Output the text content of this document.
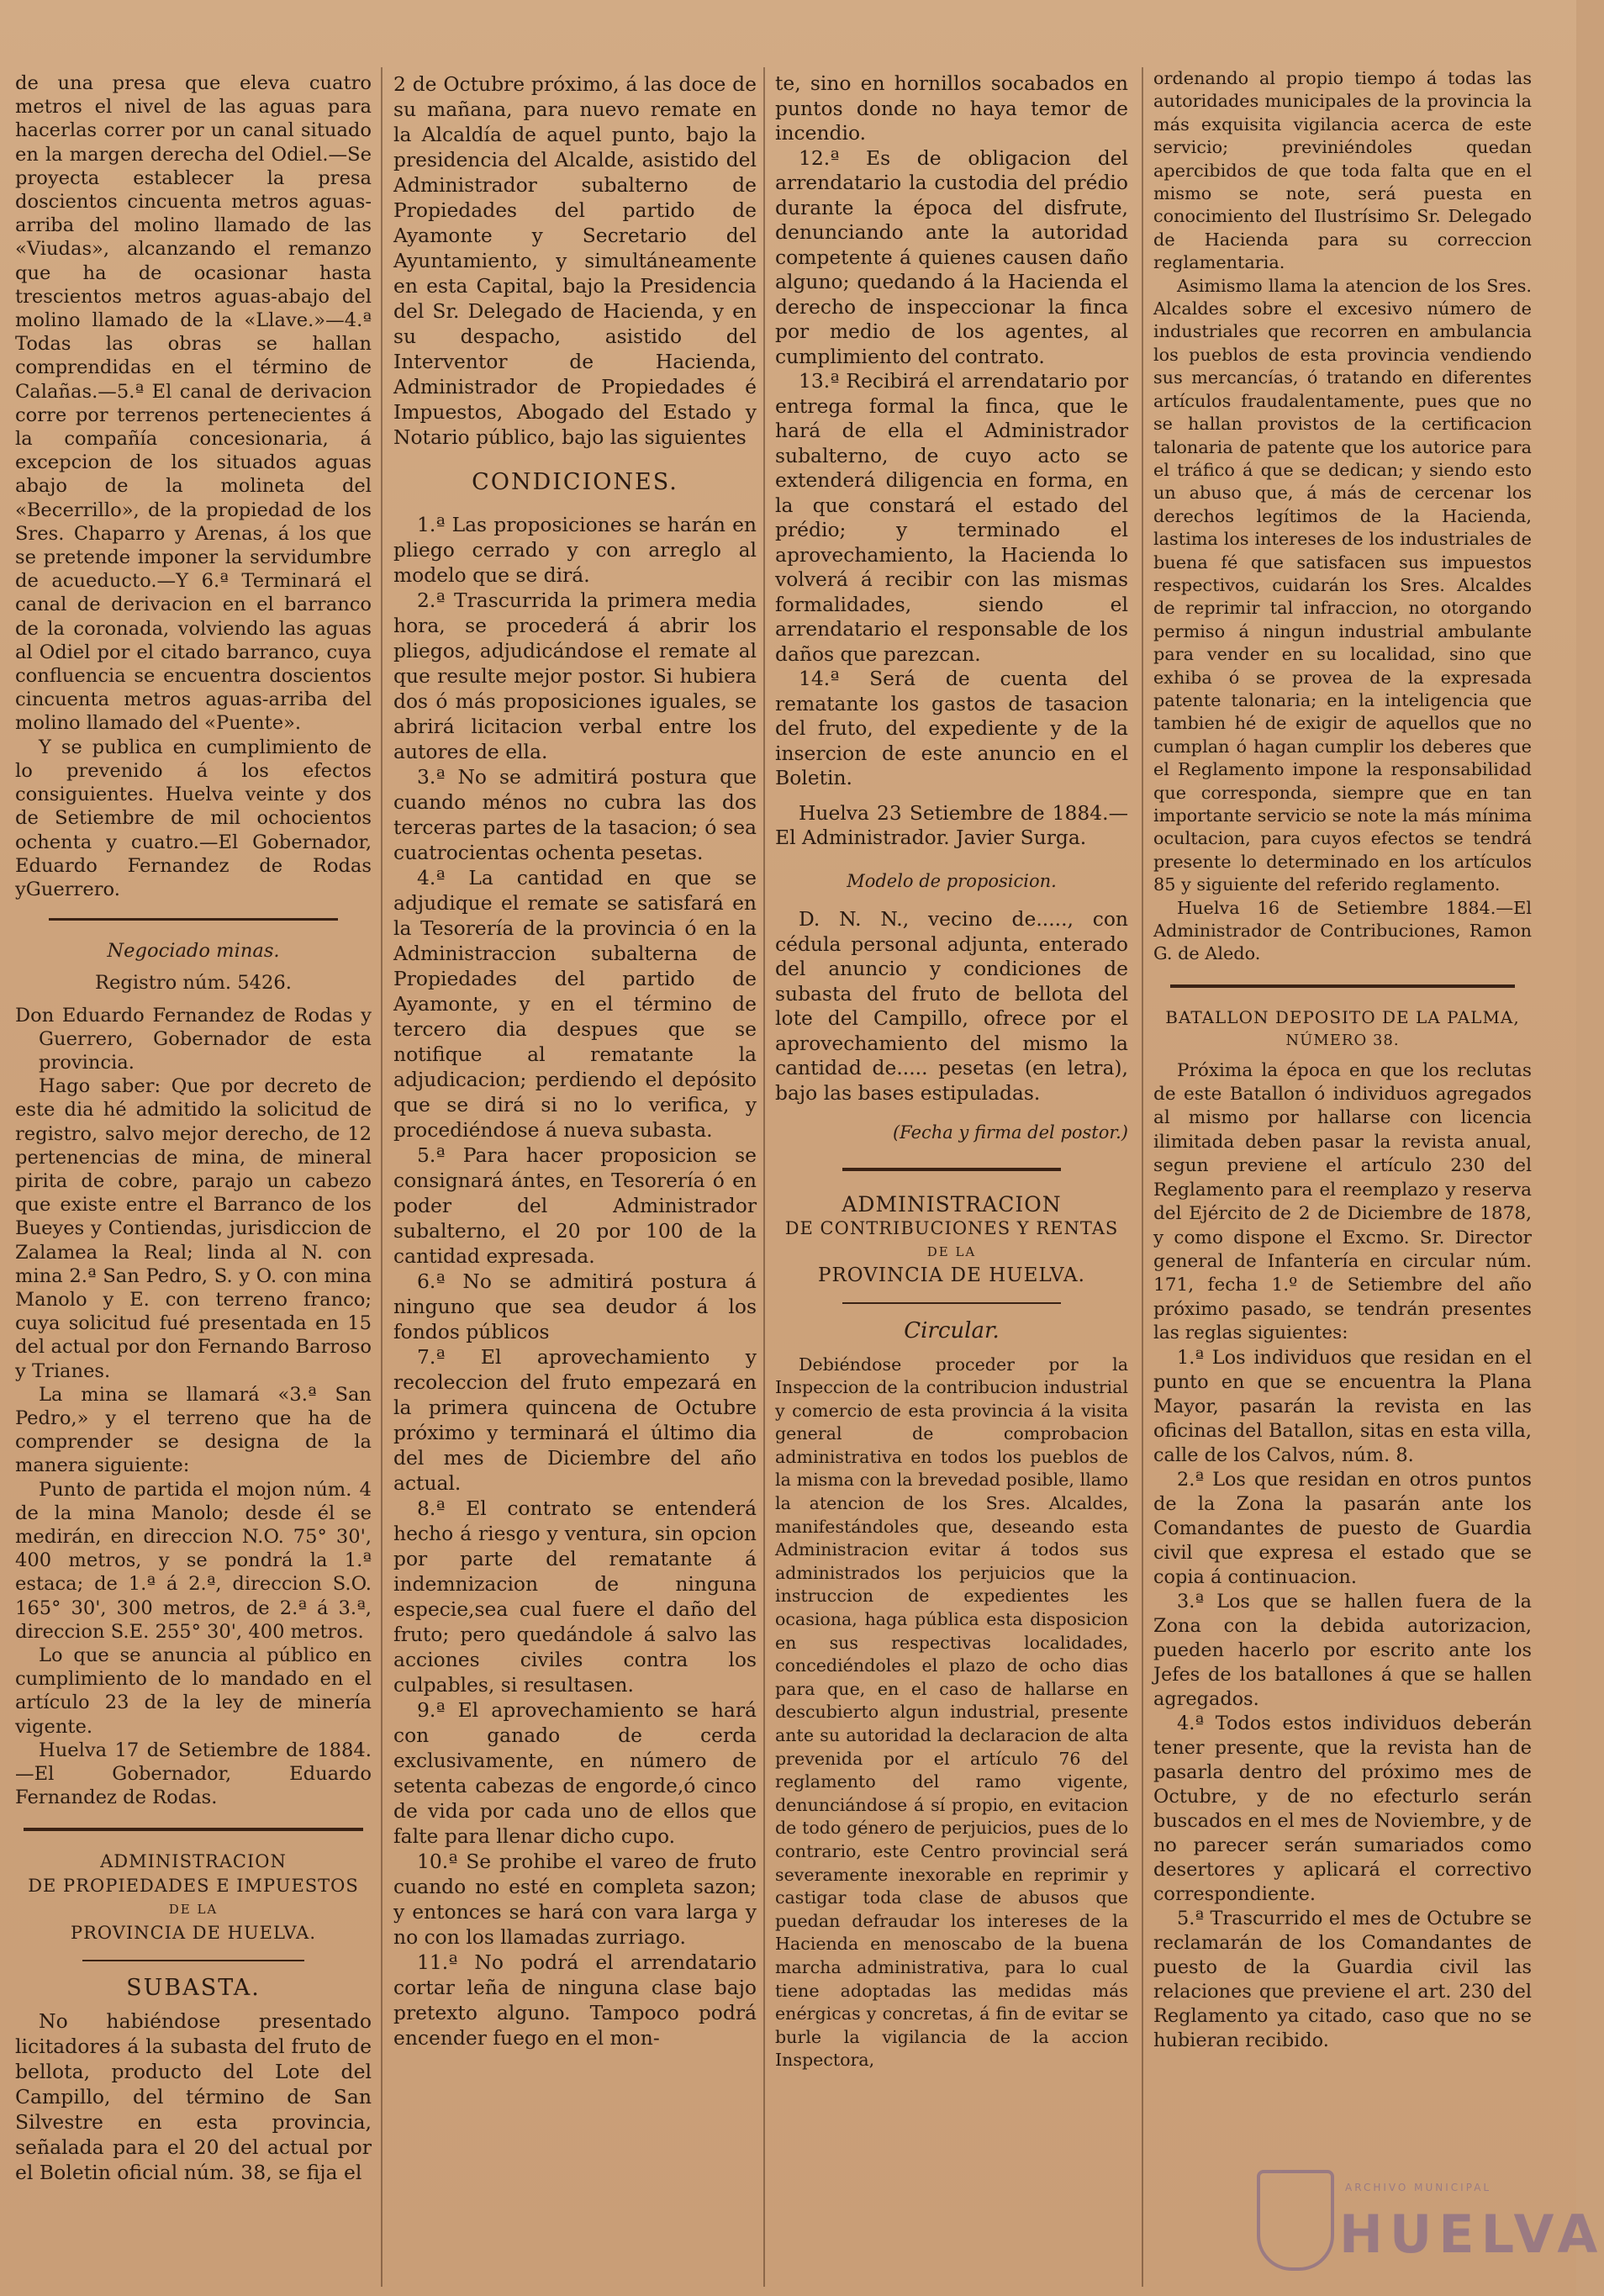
de una presa que eleva cuatro metros el nivel de las aguas para hacerlas correr por un canal situado en la margen derecha del Odiel.—Se proyecta establecer la presa doscientos cincuenta metros aguas-arriba del molino llamado de las «Viudas», alcanzando el remanzo que ha de ocasionar hasta trescientos metros aguas-abajo del molino llamado de la «Llave.»—4.ª Todas las obras se hallan comprendidas en el término de Calañas.—5.ª El canal de derivacion corre por terrenos pertenecientes á la compañía concesionaria, á excepcion de los situados aguas abajo de la molineta del «Becerrillo», de la propiedad de los Sres. Chaparro y Arenas, á los que se pretende imponer la servidumbre de acueducto.—Y 6.ª Terminará el canal de derivacion en el barranco de la coronada, volviendo las aguas al Odiel por el citado barranco, cuya confluencia se encuentra doscientos cincuenta metros aguas-arriba del molino llamado del «Puente».

Y se publica en cumplimiento de lo prevenido á los efectos consiguientes. Huelva veinte y dos de Setiembre de mil ochocientos ochenta y cuatro.—El Gobernador, Eduardo Fernandez de Rodas yGuerrero.

Negociado minas.

Registro núm. 5426.

Don Eduardo Fernandez de Rodas y Guerrero, Gobernador de esta provincia.

Hago saber: Que por decreto de este dia hé admitido la solicitud de registro, salvo mejor derecho, de 12 pertenencias de mina, de mineral pirita de cobre, parajo un cabezo que existe entre el Barranco de los Bueyes y Contiendas, jurisdiccion de Zalamea la Real; linda al N. con mina 2.ª San Pedro, S. y O. con mina Manolo y E. con terreno franco; cuya solicitud fué presentada en 15 del actual por don Fernando Barroso y Trianes.

La mina se llamará «3.ª San Pedro,» y el terreno que ha de comprender se designa de la manera siguiente:

Punto de partida el mojon núm. 4 de la mina Manolo; desde él se medirán, en direccion N.O. 75° 30', 400 metros, y se pondrá la 1.ª estaca; de 1.ª á 2.ª, direccion S.O. 165° 30', 300 metros, de 2.ª á 3.ª, direccion S.E. 255° 30', 400 metros.

Lo que se anuncia al público en cumplimiento de lo mandado en el artículo 23 de la ley de minería vigente.

Huelva 17 de Setiembre de 1884.—El Gobernador, Eduardo Fernandez de Rodas.

ADMINISTRACION

DE PROPIEDADES E IMPUESTOS

DE LA

PROVINCIA DE HUELVA.

SUBASTA.

No habiéndose presentado licitadores á la subasta del fruto de bellota, producto del Lote del Campillo, del término de San Silvestre en esta provincia, señalada para el 20 del actual por el Boletin oficial núm. 38, se fija el

2 de Octubre próximo, á las doce de su mañana, para nuevo remate en la Alcaldía de aquel punto, bajo la presidencia del Alcalde, asistido del Administrador subalterno de Propiedades del partido de Ayamonte y Secretario del Ayuntamiento, y simultáneamente en esta Capital, bajo la Presidencia del Sr. Delegado de Hacienda, y en su despacho, asistido del Interventor de Hacienda, Administrador de Propiedades é Impuestos, Abogado del Estado y Notario público, bajo las siguientes

CONDICIONES.

1.ª Las proposiciones se harán en pliego cerrado y con arreglo al modelo que se dirá.

2.ª Trascurrida la primera media hora, se procederá á abrir los pliegos, adjudicándose el remate al que resulte mejor postor. Si hubiera dos ó más proposiciones iguales, se abrirá licitacion verbal entre los autores de ella.

3.ª No se admitirá postura que cuando ménos no cubra las dos terceras partes de la tasacion; ó sea cuatrocientas ochenta pesetas.

4.ª La cantidad en que se adjudique el remate se satisfará en la Tesorería de la provincia ó en la Administraccion subalterna de Propiedades del partido de Ayamonte, y en el término de tercero dia despues que se notifique al rematante la adjudicacion; perdiendo el depósito que se dirá si no lo verifica, y procediéndose á nueva subasta.

5.ª Para hacer proposicion se consignará ántes, en Tesorería ó en poder del Administrador subalterno, el 20 por 100 de la cantidad expresada.

6.ª No se admitirá postura á ninguno que sea deudor á los fondos públicos

7.ª El aprovechamiento y recoleccion del fruto empezará en la primera quincena de Octubre próximo y terminará el último dia del mes de Diciembre del año actual.

8.ª El contrato se entenderá hecho á riesgo y ventura, sin opcion por parte del rematante á indemnizacion de ninguna especie,sea cual fuere el daño del fruto; pero quedándole á salvo las acciones civiles contra los culpables, si resultasen.

9.ª El aprovechamiento se hará con ganado de cerda exclusivamente, en número de setenta cabezas de engorde,ó cinco de vida por cada uno de ellos que falte para llenar dicho cupo.

10.ª Se prohibe el vareo de fruto cuando no esté en completa sazon; y entonces se hará con vara larga y no con los llamadas zurriago.

11.ª No podrá el arrendatario cortar leña de ninguna clase bajo pretexto alguno. Tampoco podrá encender fuego en el mon-

te, sino en hornillos socabados en puntos donde no haya temor de incendio.

12.ª Es de obligacion del arrendatario la custodia del prédio durante la época del disfrute, denunciando ante la autoridad competente á quienes causen daño alguno; quedando á la Hacienda el derecho de inspeccionar la finca por medio de los agentes, al cumplimiento del contrato.

13.ª Recibirá el arrendatario por entrega formal la finca, que le hará de ella el Administrador subalterno, de cuyo acto se extenderá diligencia en forma, en la que constará el estado del prédio; y terminado el aprovechamiento, la Hacienda lo volverá á recibir con las mismas formalidades, siendo el arrendatario el responsable de los daños que parezcan.

14.ª Será de cuenta del rematante los gastos de tasacion del fruto, del expediente y de la insercion de este anuncio en el Boletin.

Huelva 23 Setiembre de 1884.—El Administrador. Javier Surga.

Modelo de proposicion.

D. N. N., vecino de....., con cédula personal adjunta, enterado del anuncio y condiciones de subasta del fruto de bellota del lote del Campillo, ofrece por el aprovechamiento del mismo la cantidad de..... pesetas (en letra), bajo las bases estipuladas.

(Fecha y firma del postor.)

ADMINISTRACION

DE CONTRIBUCIONES Y RENTAS

DE LA

PROVINCIA DE HUELVA.

Circular.

Debiéndose proceder por la Inspeccion de la contribucion industrial y comercio de esta provincia á la visita general de comprobacion administrativa en todos los pueblos de la misma con la brevedad posible, llamo la atencion de los Sres. Alcaldes, manifestándoles que, deseando esta Administracion evitar á todos sus administrados los perjuicios que la instruccion de expedientes les ocasiona, haga pública esta disposicion en sus respectivas localidades, concediéndoles el plazo de ocho dias para que, en el caso de hallarse en descubierto algun industrial, presente ante su autoridad la declaracion de alta prevenida por el artículo 76 del reglamento del ramo vigente, denunciándose á sí propio, en evitacion de todo género de perjuicios, pues de lo contrario, este Centro provincial será severamente inexorable en reprimir y castigar toda clase de abusos que puedan defraudar los intereses de la Hacienda en menoscabo de la buena marcha administrativa, para lo cual tiene adoptadas las medidas más enérgicas y concretas, á fin de evitar se burle la vigilancia de la accion Inspectora,

ordenando al propio tiempo á todas las autoridades municipales de la provincia la más exquisita vigilancia acerca de este servicio; previniéndoles quedan apercibidos de que toda falta que en el mismo se note, será puesta en conocimiento del Ilustrísimo Sr. Delegado de Hacienda para su correccion reglamentaria.

Asimismo llama la atencion de los Sres. Alcaldes sobre el excesivo número de industriales que recorren en ambulancia los pueblos de esta provincia vendiendo sus mercancías, ó tratando en diferentes artículos fraudalentamente, pues que no se hallan provistos de la certificacion talonaria de patente que los autorice para el tráfico á que se dedican; y siendo esto un abuso que, á más de cercenar los derechos legítimos de la Hacienda, lastima los intereses de los industriales de buena fé que satisfacen sus impuestos respectivos, cuidarán los Sres. Alcaldes de reprimir tal infraccion, no otorgando permiso á ningun industrial ambulante para vender en su localidad, sino que exhiba ó se provea de la expresada patente talonaria; en la inteligencia que tambien hé de exigir de aquellos que no cumplan ó hagan cumplir los deberes que el Reglamento impone la responsabilidad que corresponda, siempre que en tan importante servicio se note la más mínima ocultacion, para cuyos efectos se tendrá presente lo determinado en los artículos 85 y siguiente del referido reglamento.

Huelva 16 de Setiembre 1884.—El Administrador de Contribuciones, Ramon G. de Aledo.

BATALLON DEPOSITO DE LA PALMA,

NÚMERO 38.

Próxima la época en que los reclutas de este Batallon ó individuos agregados al mismo por hallarse con licencia ilimitada deben pasar la revista anual, segun previene el artículo 230 del Reglamento para el reemplazo y reserva del Ejército de 2 de Diciembre de 1878, y como dispone el Excmo. Sr. Director general de Infantería en circular núm. 171, fecha 1.º de Setiembre del año próximo pasado, se tendrán presentes las reglas siguientes:

1.ª Los individuos que residan en el punto en que se encuentra la Plana Mayor, pasarán la revista en las oficinas del Batallon, sitas en esta villa, calle de los Calvos, núm. 8.

2.ª Los que residan en otros puntos de la Zona la pasarán ante los Comandantes de puesto de Guardia civil que expresa el estado que se copia á continuacion.

3.ª Los que se hallen fuera de la Zona con la debida autorizacion, pueden hacerlo por escrito ante los Jefes de los batallones á que se hallen agregados.

4.ª Todos estos individuos deberán tener presente, que la revista han de pasarla dentro del próximo mes de Octubre, y de no efecturlo serán buscados en el mes de Noviembre, y de no parecer serán sumariados como desertores y aplicará el correctivo correspondiente.

5.ª Trascurrido el mes de Octubre se reclamarán de los Comandantes de puesto de la Guardia civil las relaciones que previene el art. 230 del Reglamento ya citado, caso que no se hubieran recibido.

ARCHIVO MUNICIPAL
HUELVA
